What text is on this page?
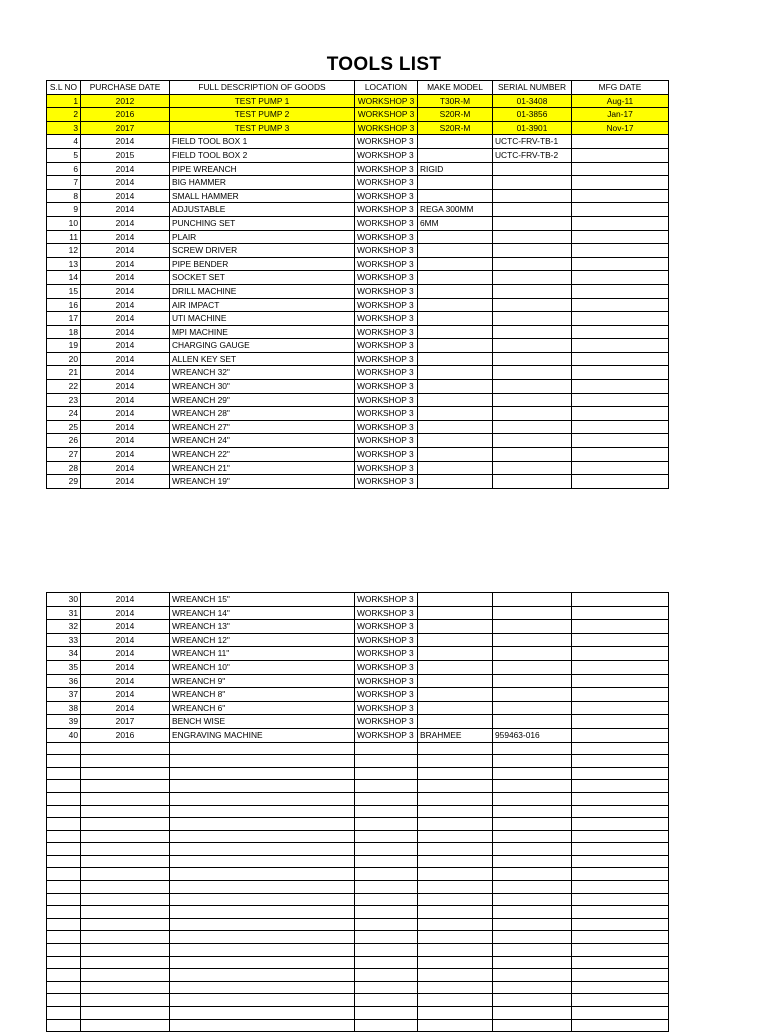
TOOLS LIST
S.L NO	PURCHASE DATE	FULL DESCRIPTION OF GOODS	LOCATION	MAKE MODEL	SERIAL NUMBER	MFG DATE
1	2012	TEST PUMP 1	WORKSHOP 3	T30R-M	01-3408	Aug-11
2	2016	TEST PUMP 2	WORKSHOP 3	S20R-M	01-3856	Jan-17
3	2017	TEST PUMP 3	WORKSHOP 3	S20R-M	01-3901	Nov-17
4	2014	FIELD TOOL BOX 1	WORKSHOP 3		UCTC-FRV-TB-1	
5	2015	FIELD TOOL BOX 2	WORKSHOP 3		UCTC-FRV-TB-2	
6	2014	PIPE WREANCH	WORKSHOP 3	RIGID		
7	2014	BIG HAMMER	WORKSHOP 3			
8	2014	SMALL HAMMER	WORKSHOP 3			
9	2014	ADJUSTABLE	WORKSHOP 3	REGA 300MM		
10	2014	PUNCHING SET	WORKSHOP 3	6MM		
11	2014	PLAIR	WORKSHOP 3			
12	2014	SCREW DRIVER	WORKSHOP 3			
13	2014	PIPE BENDER	WORKSHOP 3			
14	2014	SOCKET SET	WORKSHOP 3			
15	2014	DRILL MACHINE	WORKSHOP 3			
16	2014	AIR IMPACT	WORKSHOP 3			
17	2014	UTI MACHINE	WORKSHOP 3			
18	2014	MPI MACHINE	WORKSHOP 3			
19	2014	CHARGING GAUGE	WORKSHOP 3			
20	2014	ALLEN KEY SET	WORKSHOP 3			
21	2014	WREANCH 32"	WORKSHOP 3			
22	2014	WREANCH 30"	WORKSHOP 3			
23	2014	WREANCH 29"	WORKSHOP 3			
24	2014	WREANCH 28"	WORKSHOP 3			
25	2014	WREANCH 27"	WORKSHOP 3			
26	2014	WREANCH 24"	WORKSHOP 3			
27	2014	WREANCH 22"	WORKSHOP 3			
28	2014	WREANCH 21"	WORKSHOP 3			
29	2014	WREANCH 19"	WORKSHOP 3			
30	2014	WREANCH 15"	WORKSHOP 3			
31	2014	WREANCH 14"	WORKSHOP 3			
32	2014	WREANCH 13"	WORKSHOP 3			
33	2014	WREANCH 12"	WORKSHOP 3			
34	2014	WREANCH 11"	WORKSHOP 3			
35	2014	WREANCH 10"	WORKSHOP 3			
36	2014	WREANCH 9"	WORKSHOP 3			
37	2014	WREANCH 8"	WORKSHOP 3			
38	2014	WREANCH 6"	WORKSHOP 3			
39	2017	BENCH WISE	WORKSHOP 3			
40	2016	ENGRAVING MACHINE	WORKSHOP 3	BRAHMEE	959463-016	
